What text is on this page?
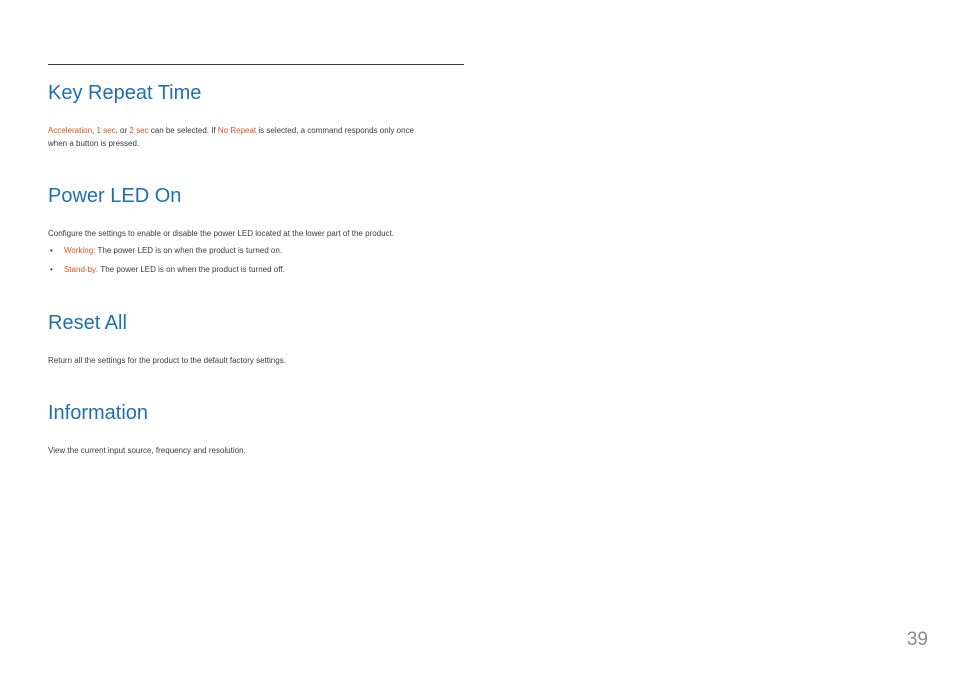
Key Repeat Time
Acceleration, 1 sec, or 2 sec can be selected. If No Repeat is selected, a command responds only once
when a button is pressed.
Power LED On
Configure the settings to enable or disable the power LED located at the lower part of the product.
• Working: The power LED is on when the product is turned on.
• Stand-by: The power LED is on when the product is turned off.
Reset All
Return all the settings for the product to the default factory settings.
Information
View the current input source, frequency and resolution.
39
